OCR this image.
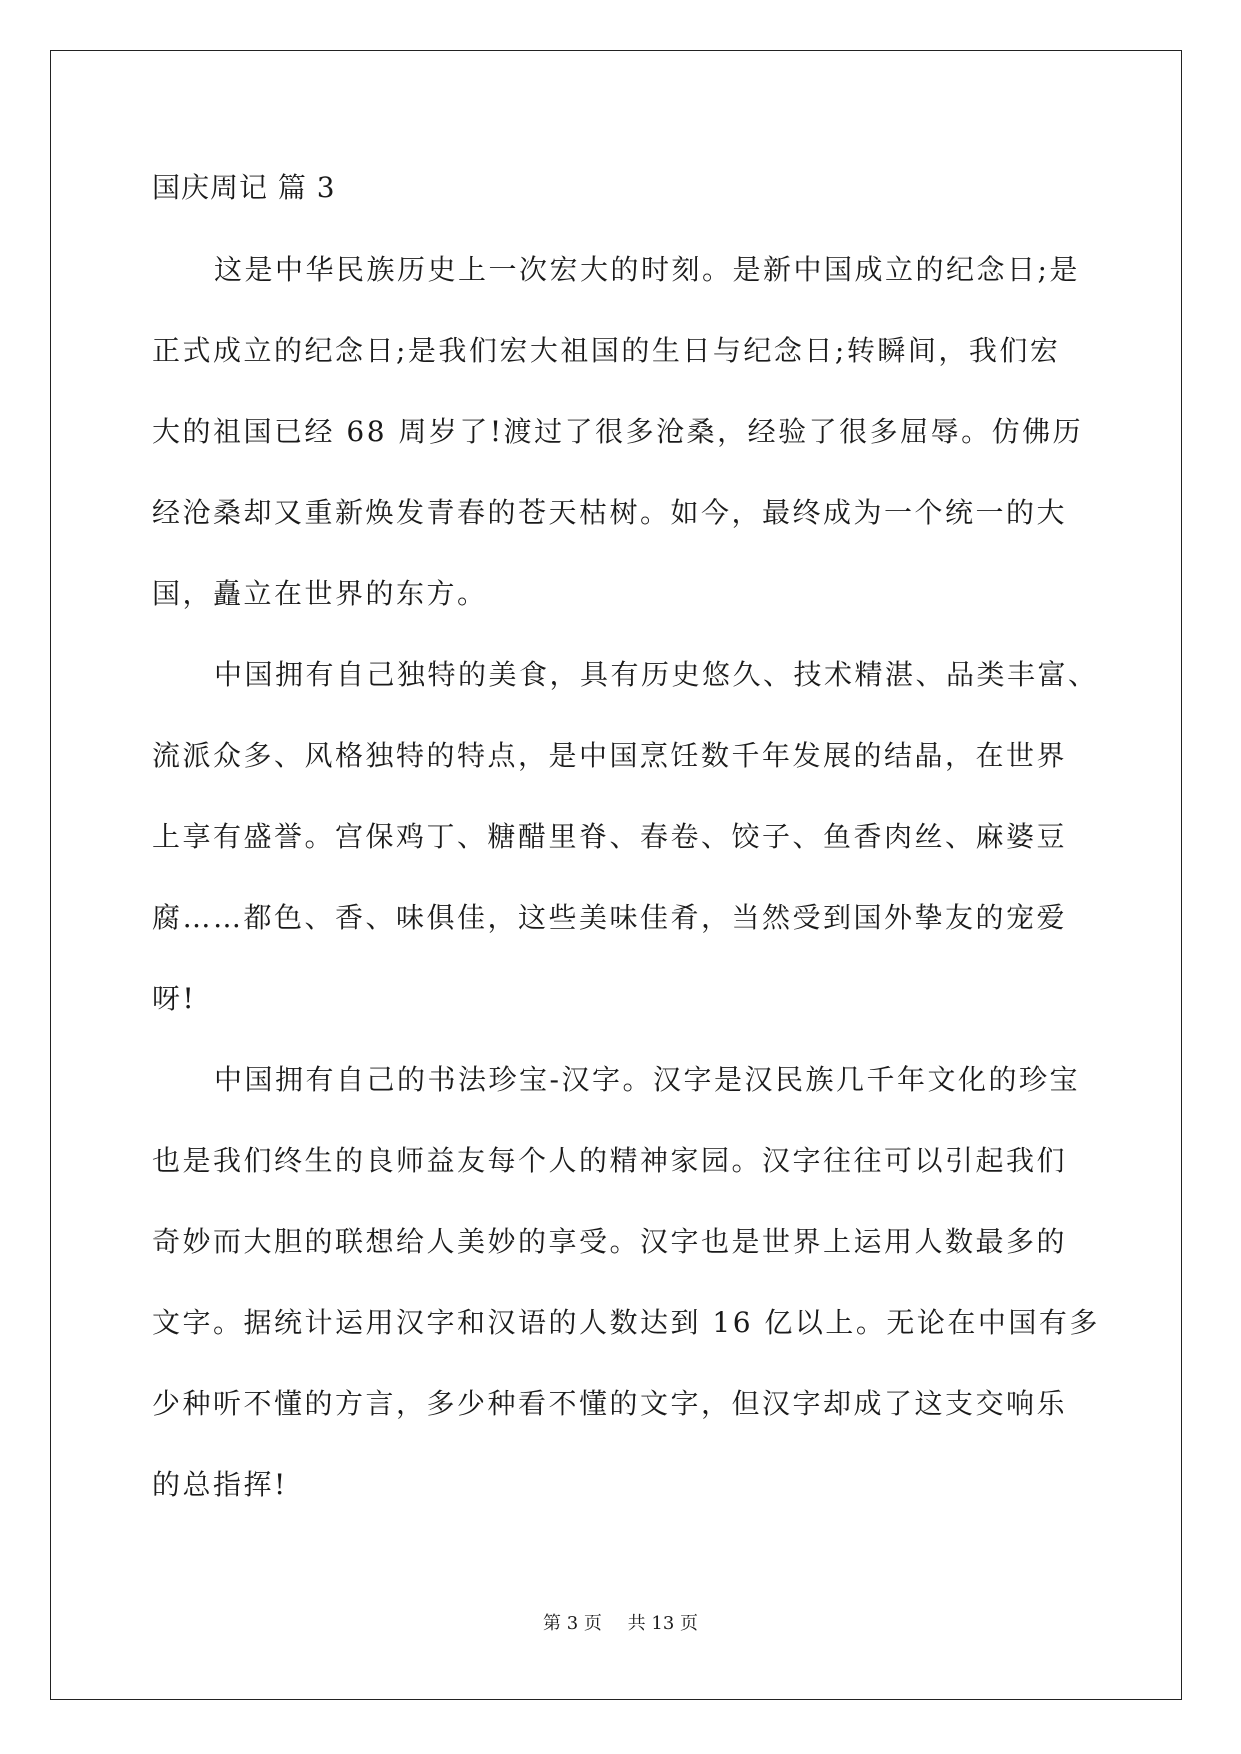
国庆周记 篇 3
这是中华民族历史上一次宏大的时刻。是新中国成立的纪念日;是
正式成立的纪念日;是我们宏大祖国的生日与纪念日;转瞬间，我们宏
大的祖国已经 68 周岁了!渡过了很多沧桑，经验了很多屈辱。仿佛历
经沧桑却又重新焕发青春的苍天枯树。如今，最终成为一个统一的大
国，矗立在世界的东方。
中国拥有自己独特的美食，具有历史悠久、技术精湛、品类丰富、
流派众多、风格独特的特点，是中国烹饪数千年发展的结晶，在世界
上享有盛誉。宫保鸡丁、糖醋里脊、春卷、饺子、鱼香肉丝、麻婆豆
腐……都色、香、味俱佳，这些美味佳肴，当然受到国外挚友的宠爱
呀!
中国拥有自己的书法珍宝-汉字。汉字是汉民族几千年文化的珍宝
也是我们终生的良师益友每个人的精神家园。汉字往往可以引起我们
奇妙而大胆的联想给人美妙的享受。汉字也是世界上运用人数最多的
文字。据统计运用汉字和汉语的人数达到 16 亿以上。无论在中国有多
少种听不懂的方言，多少种看不懂的文字，但汉字却成了这支交响乐
的总指挥!
第 3 页 共 13 页
